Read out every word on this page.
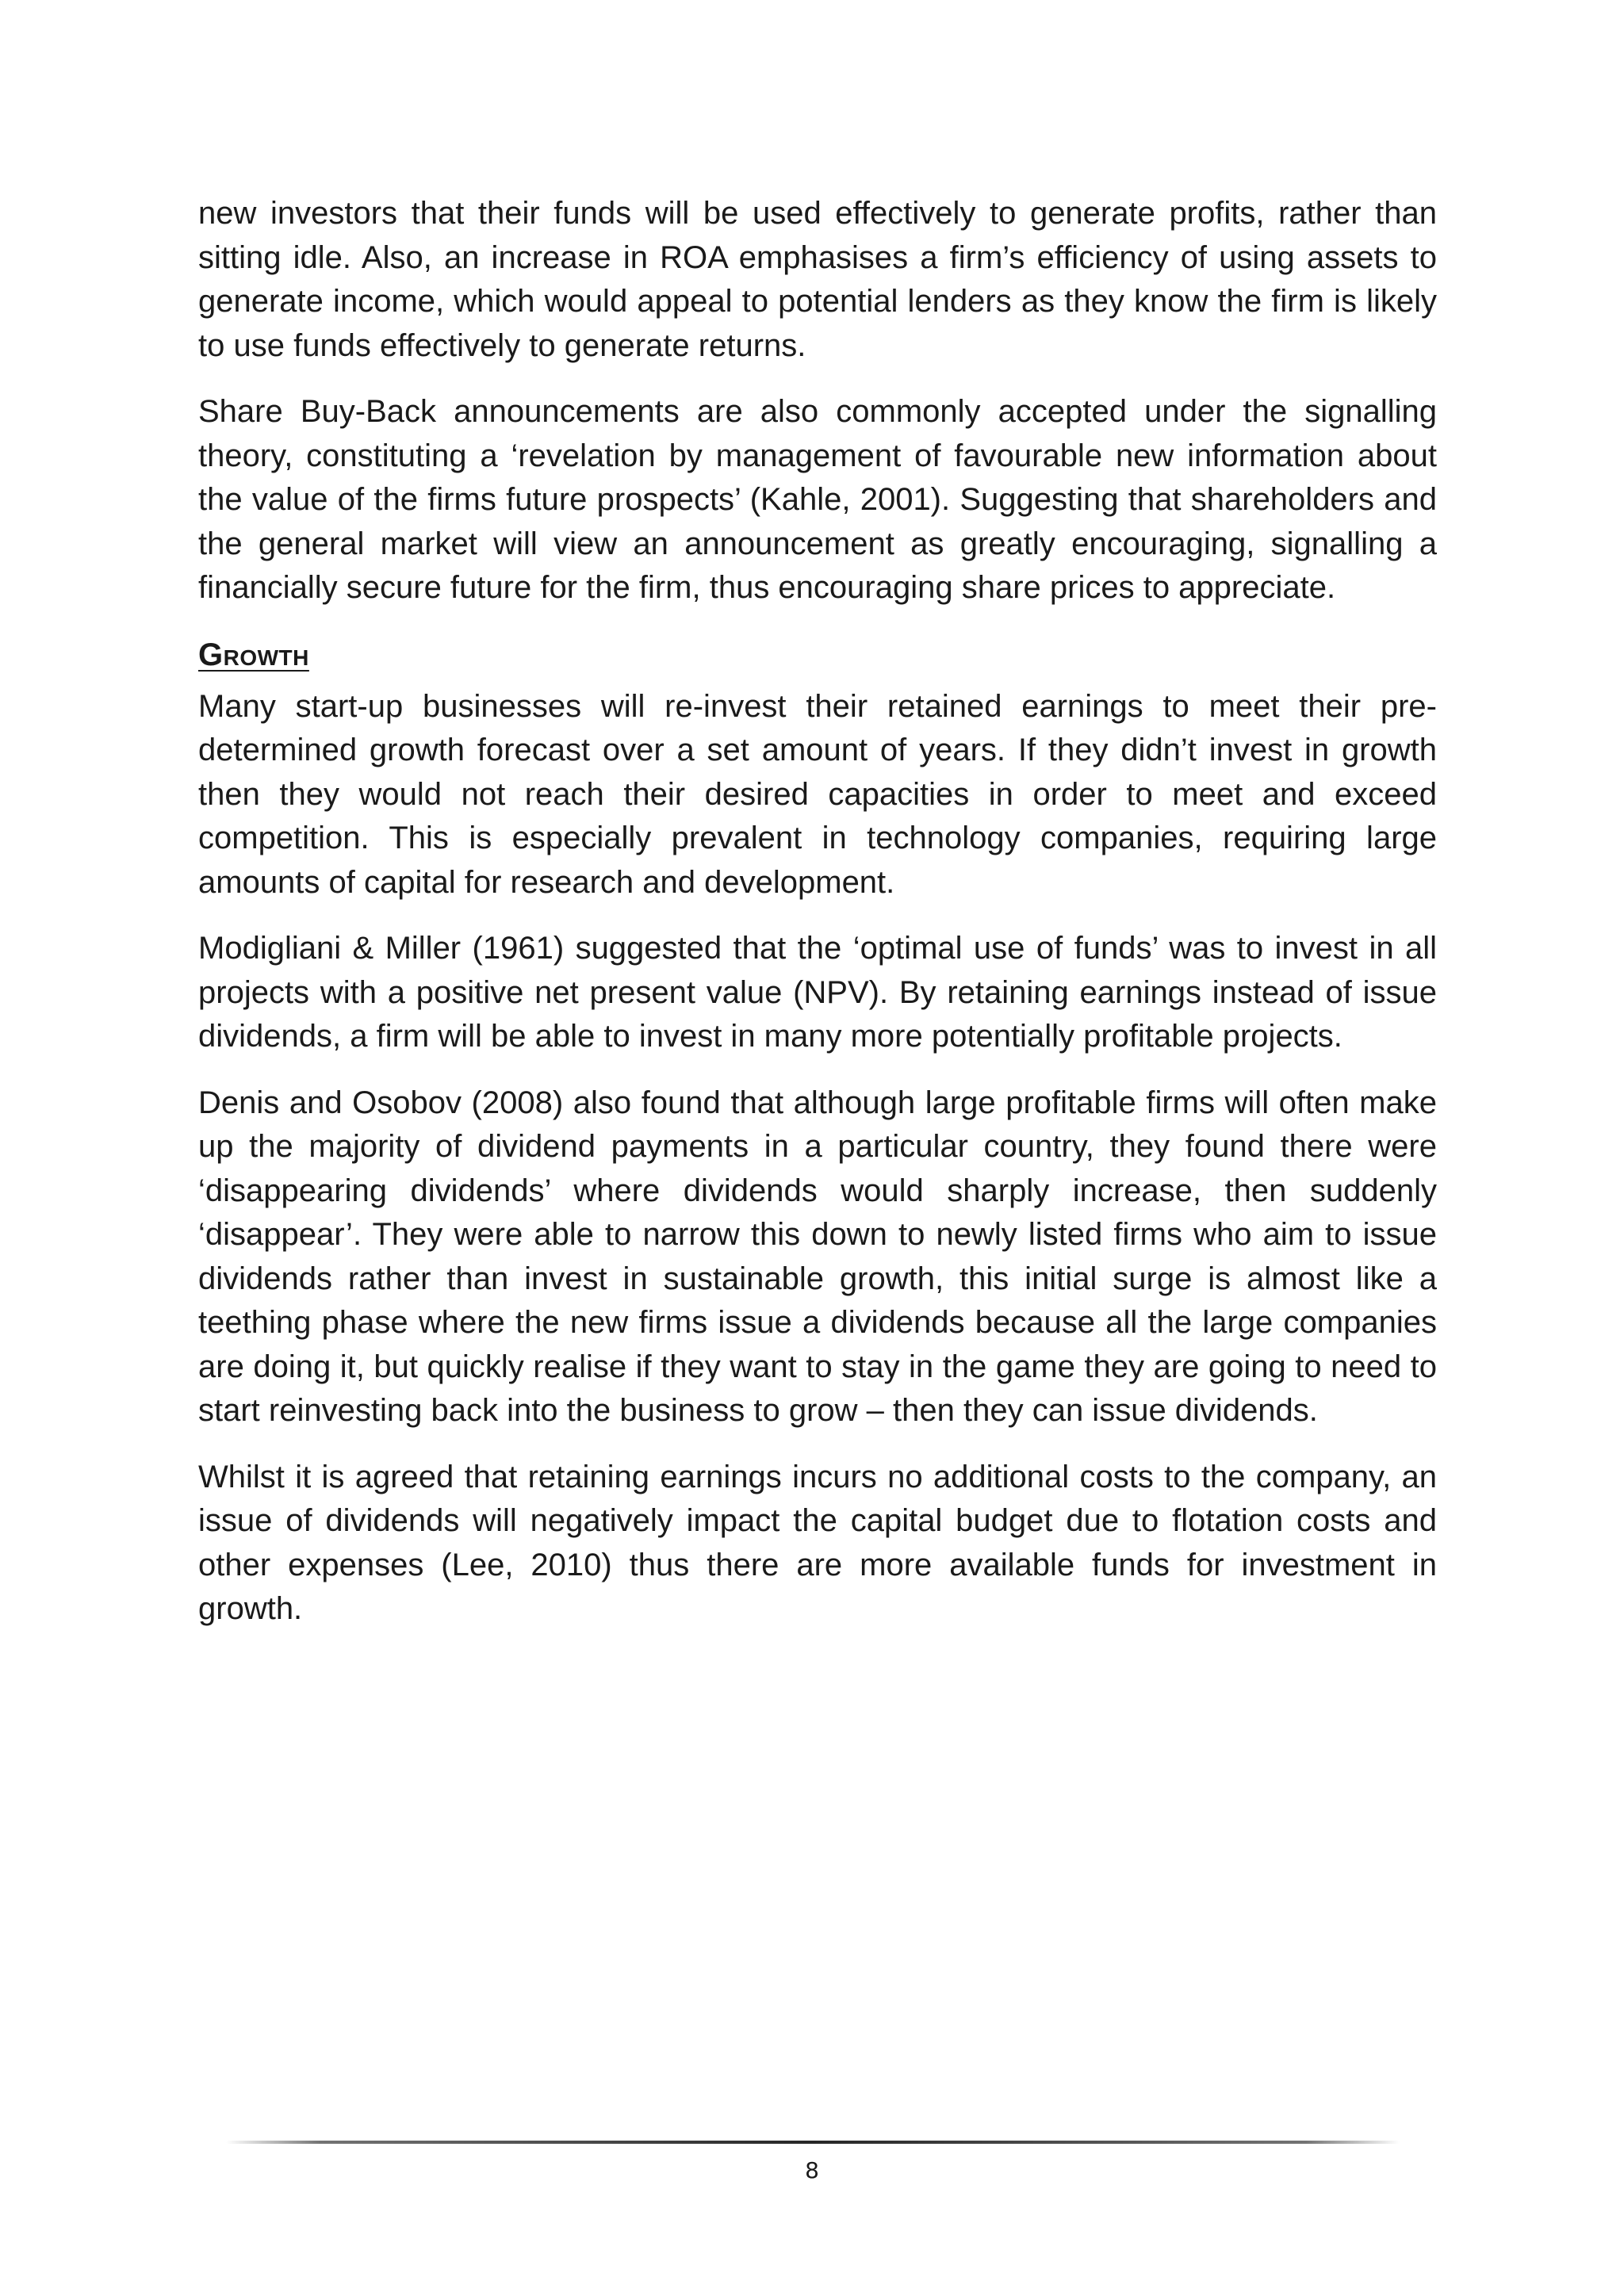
new investors that their funds will be used effectively to generate profits, rather than sitting idle. Also, an increase in ROA emphasises a firm’s efficiency of using assets to generate income, which would appeal to potential lenders as they know the firm is likely to use funds effectively to generate returns.

Share Buy-Back announcements are also commonly accepted under the signalling theory, constituting a ‘revelation by management of favourable new information about the value of the firms future prospects’ (Kahle, 2001). Suggesting that shareholders and the general market will view an announcement as greatly encouraging, signalling a financially secure future for the firm, thus encouraging share prices to appreciate.

Growth

Many start-up businesses will re-invest their retained earnings to meet their pre-determined growth forecast over a set amount of years. If they didn’t invest in growth then they would not reach their desired capacities in order to meet and exceed competition. This is especially prevalent in technology companies, requiring large amounts of capital for research and development.

Modigliani & Miller (1961) suggested that the ‘optimal use of funds’ was to invest in all projects with a positive net present value (NPV). By retaining earnings instead of issue dividends, a firm will be able to invest in many more potentially profitable projects.

Denis and Osobov (2008) also found that although large profitable firms will often make up the majority of dividend payments in a particular country, they found there were ‘disappearing dividends’ where dividends would sharply increase, then suddenly ‘disappear’. They were able to narrow this down to newly listed firms who aim to issue dividends rather than invest in sustainable growth, this initial surge is almost like a teething phase where the new firms issue a dividends because all the large companies are doing it, but quickly realise if they want to stay in the game they are going to need to start reinvesting back into the business to grow – then they can issue dividends.

Whilst it is agreed that retaining earnings incurs no additional costs to the company, an issue of dividends will negatively impact the capital budget due to flotation costs and other expenses (Lee, 2010) thus there are more available funds for investment in growth.

8
